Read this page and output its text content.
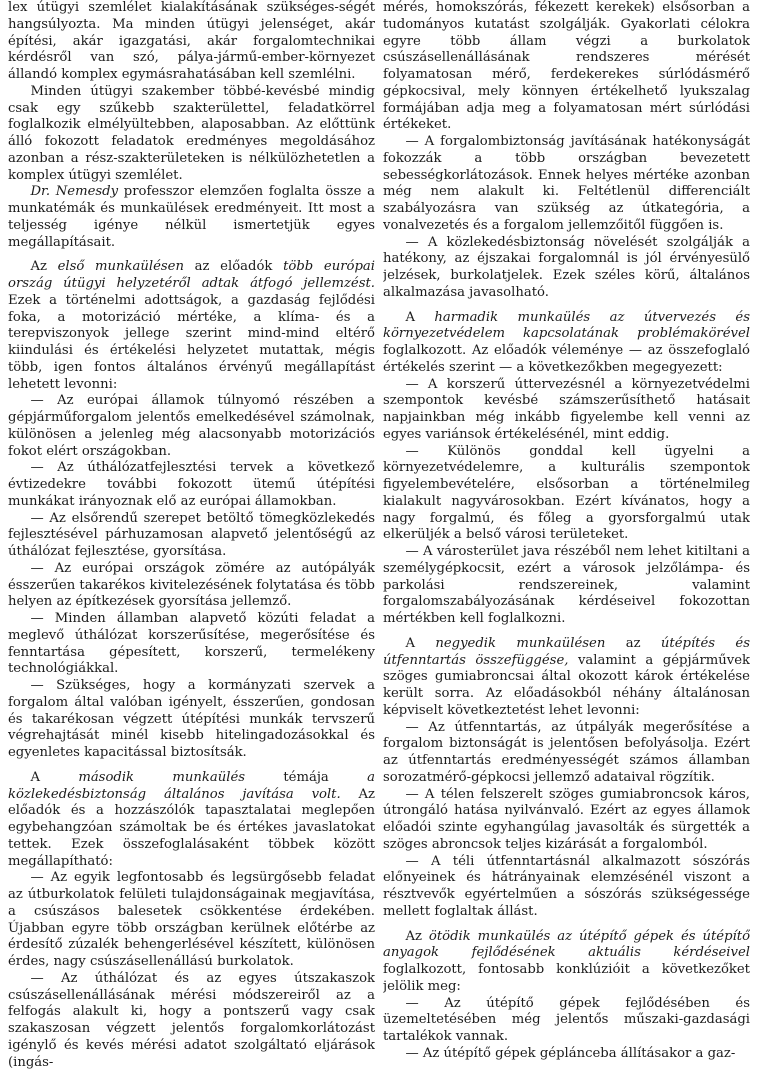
lex útügyi szemlélet kialakításának szükséges-ségét hangsúlyozta. Ma minden útügyi jelenséget, akár építési, akár igazgatási, akár forgalomtechnikai kérdésről van szó, pálya-jármű-ember-környezet állandó komplex egymásrahatásában kell szemlélni.

Minden útügyi szakember többé-kevésbé mindig csak egy szűkebb szakterülettel, feladatkörrel foglalkozik elmélyültebben, alaposabban. Az előttünk álló fokozott feladatok eredményes megoldásához azonban a rész-szakterületeken is nélkülözhetetlen a komplex útügyi szemlélet.

Dr. Nemesdy professzor elemzően foglalta össze a munkatémák és munkaülések eredményeit. Itt most a teljesség igénye nélkül ismertetjük egyes megállapításait.

Az első munkaülésen az előadók több európai ország útügyi helyzetéről adtak átfogó jellemzést. Ezek a történelmi adottságok, a gazdaság fejlődési foka, a motorizáció mértéke, a klíma- és a terepviszonyok jellege szerint mind-mind eltérő kiindulási és értékelési helyzetet mutattak, mégis több, igen fontos általános érvényű megállapítást lehetett levonni:

— Az európai államok túlnyomó részében a gépjárműforgalom jelentős emelkedésével számolnak, különösen a jelenleg még alacsonyabb motorizációs fokot elért országokban.

— Az úthálózatfejlesztési tervek a következő évtizedekre további fokozott ütemű útépítési munkákat irányoznak elő az európai államokban.

— Az elsőrendű szerepet betöltő tömegközlekedés fejlesztésével párhuzamosan alapvető jelentőségű az úthálózat fejlesztése, gyorsítása.

— Az európai országok zömére az autópályák ésszerűen takarékos kivitelezésének folytatása és több helyen az építkezések gyorsítása jellemző.

— Minden államban alapvető közúti feladat a meglevő úthálózat korszerűsítése, megerősítése és fenntartása gépesített, korszerű, termelékeny technológiákkal.

— Szükséges, hogy a kormányzati szervek a forgalom által valóban igényelt, ésszerűen, gondosan és takarékosan végzett útépítési munkák tervszerű végrehajtását minél kisebb hitelingadozásokkal és egyenletes kapacitással biztosítsák.

A második munkaülés témája a közlekedésbiztonság általános javítása volt. Az előadók és a hozzászólók tapasztalatai meglepően egybehangzóan számoltak be és értékes javaslatokat tettek. Ezek összefoglalásaként többek között megállapítható:

— Az egyik legfontosabb és legsürgősebb feladat az útburkolatok felületi tulajdonságainak megjavítása, a csúszásos balesetek csökkentése érdekében. Újabban egyre több országban kerülnek előtérbe az érdesítő zúzalék behengerlésével készített, különösen érdes, nagy csúszásellenállású burkolatok.

— Az úthálózat és az egyes útszakaszok csúszásellenállásának mérési módszereiről az a felfogás alakult ki, hogy a pontszerű vagy csak szakaszosan végzett jelentős forgalomkorlátozást igénylő és kevés mérési adatot szolgáltató eljárások (ingás-

mérés, homokszórás, fékezett kerekek) elsősorban a tudományos kutatást szolgálják. Gyakorlati célokra egyre több állam végzi a burkolatok csúszásellenállásának rendszeres mérését folyamatosan mérő, ferdekerekes súrlódásmérő gépkocsival, mely könnyen értékelhető lyukszalag formájában adja meg a folyamatosan mért súrlódási értékeket.

— A forgalombiztonság javításának hatékonyságát fokozzák a több országban bevezetett sebességkorlátozások. Ennek helyes mértéke azonban még nem alakult ki. Feltétlenül differenciált szabályozásra van szükség az útkategória, a vonalvezetés és a forgalom jellemzőitől függően is.

— A közlekedésbiztonság növelését szolgálják a hatékony, az éjszakai forgalomnál is jól érvényesülő jelzések, burkolatjelek. Ezek széles körű, általános alkalmazása javasolható.

A harmadik munkaülés az útvervezés és környezetvédelem kapcsolatának problémakörével foglalkozott. Az előadók véleménye — az összefoglaló értékelés szerint — a következőkben megegyezett:

— A korszerű úttervezésnél a környezetvédelmi szempontok kevésbé számszerűsíthető hatásait napjainkban még inkább figyelembe kell venni az egyes variánsok értékelésénél, mint eddig.

— Különös gonddal kell ügyelni a környezetvédelemre, a kulturális szempontok figyelembevételére, elsősorban a történelmileg kialakult nagyvárosokban. Ezért kívánatos, hogy a nagy forgalmú, és főleg a gyorsforgalmú utak elkerüljék a belső városi területeket.

— A városterület java részéből nem lehet kitiltani a személygépkocsit, ezért a városok jelzőlámpa- és parkolási rendszereinek, valamint forgalomszabályozásának kérdéseivel fokozottan mértékben kell foglalkozni.

A negyedik munkaülésen az útépítés és útfenntartás összefüggése, valamint a gépjárművek szöges gumiabroncsai által okozott károk értékelése került sorra. Az előadásokból néhány általánosan képviselt következtetést lehet levonni:

— Az útfenntartás, az útpályák megerősítése a forgalom biztonságát is jelentősen befolyásolja. Ezért az útfenntartás eredményességét számos államban sorozatmérő-gépkocsi jellemző adataival rögzítik.

— A télen felszerelt szöges gumiabroncsok káros, útrongáló hatása nyilvánvaló. Ezért az egyes államok előadói szinte egyhangúlag javasolták és sürgették a szöges abroncsok teljes kizárását a forgalomból.

— A téli útfenntartásnál alkalmazott sószórás előnyeinek és hátrányainak elemzésénél viszont a résztvevők egyértelműen a sószórás szükségessége mellett foglaltak állást.

Az ötödik munkaülés az útépítő gépek és útépítő anyagok fejlődésének aktuális kérdéseivel foglalkozott, fontosabb konklúzióit a következőket jelölik meg:

— Az útépítő gépek fejlődésében és üzemeltetésében még jelentős műszaki-gazdasági tartalékok vannak.

— Az útépítő gépek géplánceba állításakor a gaz-
